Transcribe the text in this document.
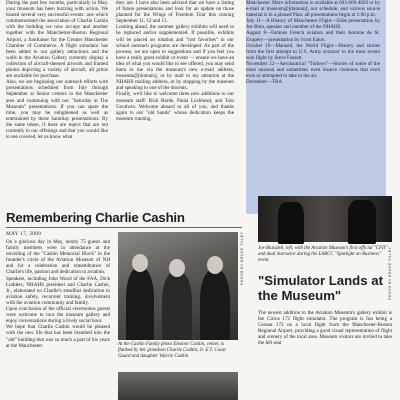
During the past few months, particularly in May, your museum has been buzzing with action. We hosted several very successful events: one which commemorated the association of Charlie Cashin with the building we now occupy and another together with the Manchester-Boston Regional Airport, a fundraiser for the Greater Manchester Chamber of Commerce. A flight simulator has been added to our gallery attractions and the walls in the Aviation Gallery currently display a collection of aircraft-themed artwork and framed photos depicting a variety of aircraft, all prints are available for purchase.
Also, we are beginning our outreach efforts with presentations scheduled from July through September at Senior centers in the Manchester area and continuing with our "Saturday at The Museum" presentations. If you can spare the time, you may be enlightened as well as entertained by these Saturday presentations. By the same token, if there are topics that are not currently in our offerings and that you would like to see covered, let us know what

they are. I have also been advised that we have a listing of future presentations and look for an update on those planned for the Wings of Freedom Tour this coming September 11, 12 and 13.
Looking ahead, the summer gallery exhibits will need to be replaced and/or supplemented. If possible, exhibits will be placed on rotation and "lost favorites" in our school outreach programs are developed. As part of the process, we are open to suggestions and if you feel you have a really great exhibit or event — ensure we have an idea of what you would like to see offered, you may send them to me via the museum's new e-mail address, museum@[domain], or by mail to my attention at the NHAHS mailing address, or by stopping by the museum and speaking to one of the docents.
Finally, we'd like to welcome three new additions to our museum staff: Rick Barde, Paula Lockhead, and Tom Goodwin. Welcome aboard to all of you, and thanks again to our "old hands" whose dedication keeps the museum running.

Manchester. More information is available at 603-669-4820 or by e-mail at museum@[domain]; our schedule, and various source material is in a phased Plan: all presentations begin at 1:00 p.m.
July 11—A History of Manchester Flight—Slide presentation by Joe Breu, speaker and member of the NHAHS.
August 8—Famous French aviators and their Antoine de St. Exupéry—presentation by Scott Eaton.
October 10—Manned, the World Flight—History and stories from the first attempt to U.S. Army aviators' to the most recent solo flight by Steve Fossett.
November 22—Aeronautical "Turkeys"—Stories of some of the most unusual and sometimes even bizarre creations that even took or attempted to take to the air.
December—TBA

Remembering Charlie Cashin
MAY 17, 2009

On a glorious day in May, nearly 75 guests and family members were in attendance at the unveiling of the "Cashin Memorial Block" in the founder's circle of the Aviation Museum of NH and for a celebration and remembrance of Charlie's life, passion and dedication to aviation.
Speakers, including John Wood of the FAA, Dick Ludders, NHAHS president and Charlie Cashin, Jr., elaborated on Charlie's steadfast dedication to aviation safety, recurrent training, involvement with the aviation community and family.
Upon conclusion of the official ceremonies guests were welcome to tour the museum gallery and enjoy conversations during a lively social hour.
We hope that Charlie Cashin would be pleased with the new life that has been breathed into the "old" building that was so much a part of his years at the Manchester	At the Cashin Family photo Eleanor Cashin, center, is flanked by her grandson Charlie Cashin, Jr. E.T. Coast Guard and daughter Valerie Cashin

PHOTO BY BRUCE TILLEY	Joe Blaisdell, left, with the Aviation Museum's first official "CFII" and dual instructor during the LARCC "Spotlight on Business" event.	PHOTO BY BRUCE TILLEY
"Simulator Lands at the Museum"

The newest addition to the Aviation Museum's gallery exhibit is the Cirrus 172 flight simulator. The program is fun being a Cessna 172 on a local flight from the Manchester-Boston Regional Airport, providing a good visual representation of flight and scenery of the local area. Museum visitors are invited to take the left seat
